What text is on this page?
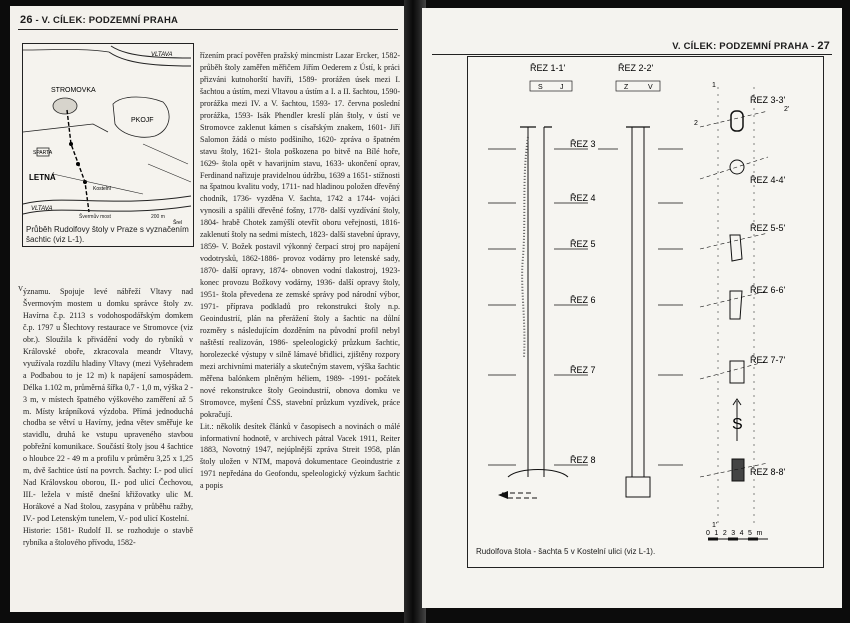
26 - V. CÍLEK: PODZEMNÍ PRAHA
VLTAVA
STROMOVKA
PKOJF
SPARTA
LETNÁ
Kostelní
VLTAVA
Šrel
Švermův most	200 m
Průběh Rudolfovy štoly v Praze s vyznačením šachtic (viz L-1).
V ýznamu. Spojuje levé nábřeží Vltavy nad Švermovým mostem u domku správce štoly zv. Havírna č.p. 2113 s vodohospodářským domkem č.p. 1797 u Šlechtovy restaurace ve Stromovce (viz obr.). Sloužila k přivádění vody do rybníků v Královské oboře, zkracovala meandr Vltavy, využívala rozdílu hladiny Vltavy (mezi Vyšehradem a Podbabou to je 12 m) k napájení samospádem. Délka 1.102 m, průměrná šířka 0,7 - 1,0 m, výška 2 - 3 m, v místech špatného výškového zaměření až 5 m. Místy krápníková výzdoba. Přímá jednoduchá chodba se větví u Havírny, jedna větev směřuje ke stavidlu, druhá ke vstupu upraveného stavbou pobřežní komunikace. Součástí štoly jsou 4 šachtice o hloubce 22 - 49 m a profilu v průměru 3,25 x 1,25 m, dvě šachtice ústí na povrch. Šachty: I.- pod ulicí Nad Královskou oborou, II.- pod ulicí Čechovou, III.- ležela v místě dnešní křižovatky ulic M. Horákové a Nad štolou, zasypána v průběhu ražby, IV.- pod Letenským tunelem, V.- pod ulicí Kostelní.
Historie: 1581- Rudolf II. se rozhoduje o stavbě rybníka a štolového přívodu, 1582-
řízením prací pověřen pražský mincmistr Lazar Ercker, 1582- průběh štoly zaměřen měřičem Jiřím Oederem z Ústí, k práci přizváni kutnohorští havíři, 1589- prorážen úsek mezi I. šachtou a ústím, mezi Vltavou a ústím a I. a II. šachtou, 1590- prorážka mezi IV. a V. šachtou, 1593- 17. června poslední prorážka, 1593- Isák Phendler kreslí plán štoly, v ústí ve Stromovce zaklenut kámen s císařským znakem, 1601- Jiří Salomon žádá o místo podšiního, 1620- zpráva o špatném stavu štoly, 1621- štola poškozena po bitvě na Bílé hoře, 1629- štola opět v havarijním stavu, 1633- ukončení oprav, Ferdinand nařizuje pravidelnou údržbu, 1639 a 1651- stížnosti na špatnou kvalitu vody, 1711- nad hladinou položen dřevěný chodník, 1736- vyzděna V. šachta, 1742 a 1744- vojáci vynosili a spálili dřevěné fošny, 1778- další vyzdívání štoly, 1804- hrabě Chotek zamýšlí otevřít oboru veřejnosti, 1816- zaklenutí štoly na sedmi místech, 1823- další stavební úpravy, 1859- V. Božek postavil výkonný čerpací stroj pro napájení vodotrysků, 1862-1886- provoz vodárny pro letenské sady, 1870- další opravy, 1874- obnoven vodní tlakostroj, 1923- konec provozu Božkovy vodárny, 1936- další opravy štoly, 1951- štola převedena ze zemské správy pod národní výbor, 1971- příprava podkladů pro rekonstrukci štoly n.p. Geoindustrií, plán na přerážení štoly a šachtic na důlní rozměry s následujícím dozděním na původní profil nebyl naštěstí realizován, 1986- speleologický průzkum šachtic, horolezecké výstupy v silně lámavé břidlici, zjištěny rozpory mezi archivními materiály a skutečným stavem, výška šachtic měřena balónkem plněným héliem, 1989- -1991- počátek nové rekonstrukce štoly Geoindustrií, obnova domku ve Stromovce, myšení ČSS, stavební průzkum vyzdívek, práce pokračují.
Lit.: několik desítek článků v časopisech a novinách o málé informativní hodnotě, v archivech pátral Vacek 1911, Reiter 1883, Novotný 1947, nejúplnější zpráva Streit 1958, plán štoly uložen v NTM, mapová dokumentace Geoindustrie z 1971 nepředána do Geofondu, speleologický výzkum šachtic a popis
V. CÍLEK: PODZEMNÍ PRAHA - 27
ŘEZ 1-1'	ŘEZ 2-2'
S J	Z	V
ŘEZ 3
ŘEZ 4
ŘEZ 5
ŘEZ 6
ŘEZ 7
ŘEZ 8
ŘEZ 3-3'
ŘEZ 4-4'
ŘEZ 5-5'
ŘEZ 6-6'
ŘEZ 7-7'
ŘEZ 8-8'
1
1'
2
2'
S
012345m
Rudolfova štola - šachta 5 v Kostelní ulici (viz L-1).
